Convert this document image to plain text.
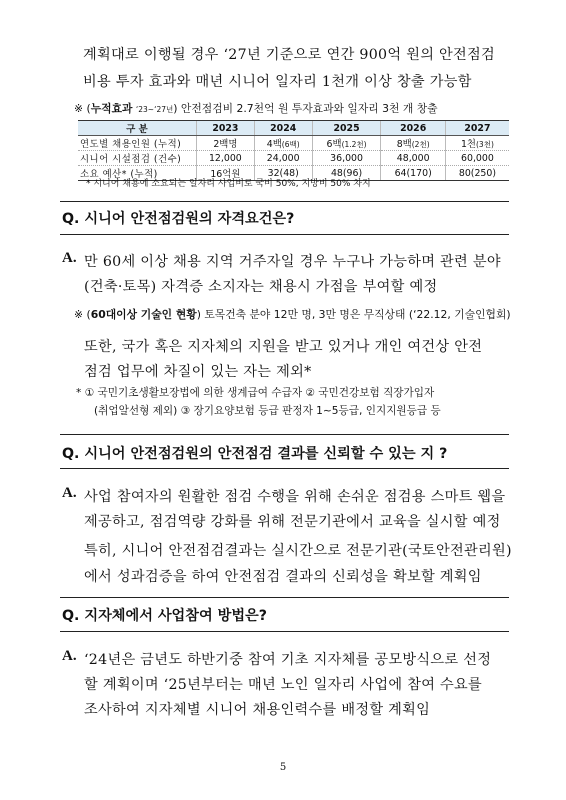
계획대로 이행될 경우 ‘27년 기준으로 연간 900억 원의 안전점검
비용 투자 효과와 매년 시니어 일자리 1천개 이상 창출 가능함
※ (누적효과 ‘23~‘27년) 안전점검비 2.7천억 원 투자효과와 일자리 3천 개 창출
구 분	2023	2024	2025	2026	2027
연도별 채용인원 (누적)	2백명	4백(6백)	6백(1.2천)	8백(2천)	1천(3천)
시니어 시설점검 (건수)	12,000	24,000	36,000	48,000	60,000
소요 예산* (누적)	16억원	32(48)	48(96)	64(170)	80(250)
* 시니어 채용에 소요되는 일자리 사업비로 국비 50%, 지방비 50% 차지
Q. 시니어 안전점검원의 자격요건은?
A. 만 60세 이상 채용 지역 거주자일 경우 누구나 가능하며 관련 분야
(건축·토목) 자격증 소지자는 채용시 가점을 부여할 예정
※ (60대이상 기술인 현황) 토목건축 분야 12만 명, 3만 명은 무직상태 (‘22.12, 기술인협회)
또한, 국가 혹은 지자체의 지원을 받고 있거나 개인 여건상 안전
점검 업무에 차질이 있는 자는 제외*
* ① 국민기초생활보장법에 의한 생계급여 수급자 ② 국민건강보험 직장가입자
(취업알선형 제외) ③ 장기요양보험 등급 판정자 1∼5등급, 인지지원등급 등
Q. 시니어 안전점검원의 안전점검 결과를 신뢰할 수 있는 지 ?
A. 사업 참여자의 원활한 점검 수행을 위해 손쉬운 점검용 스마트 웹을
제공하고, 점검역량 강화를 위해 전문기관에서 교육을 실시할 예정
특히, 시니어 안전점검결과는 실시간으로 전문기관(국토안전관리원)
에서 성과검증을 하여 안전점검 결과의 신뢰성을 확보할 계획임
Q. 지자체에서 사업참여 방법은?
A. ‘24년은 금년도 하반기중 참여 기초 지자체를 공모방식으로 선정
할 계획이며 ‘25년부터는 매년 노인 일자리 사업에 참여 수요를
조사하여 지자체별 시니어 채용인력수를 배정할 계획임
5
